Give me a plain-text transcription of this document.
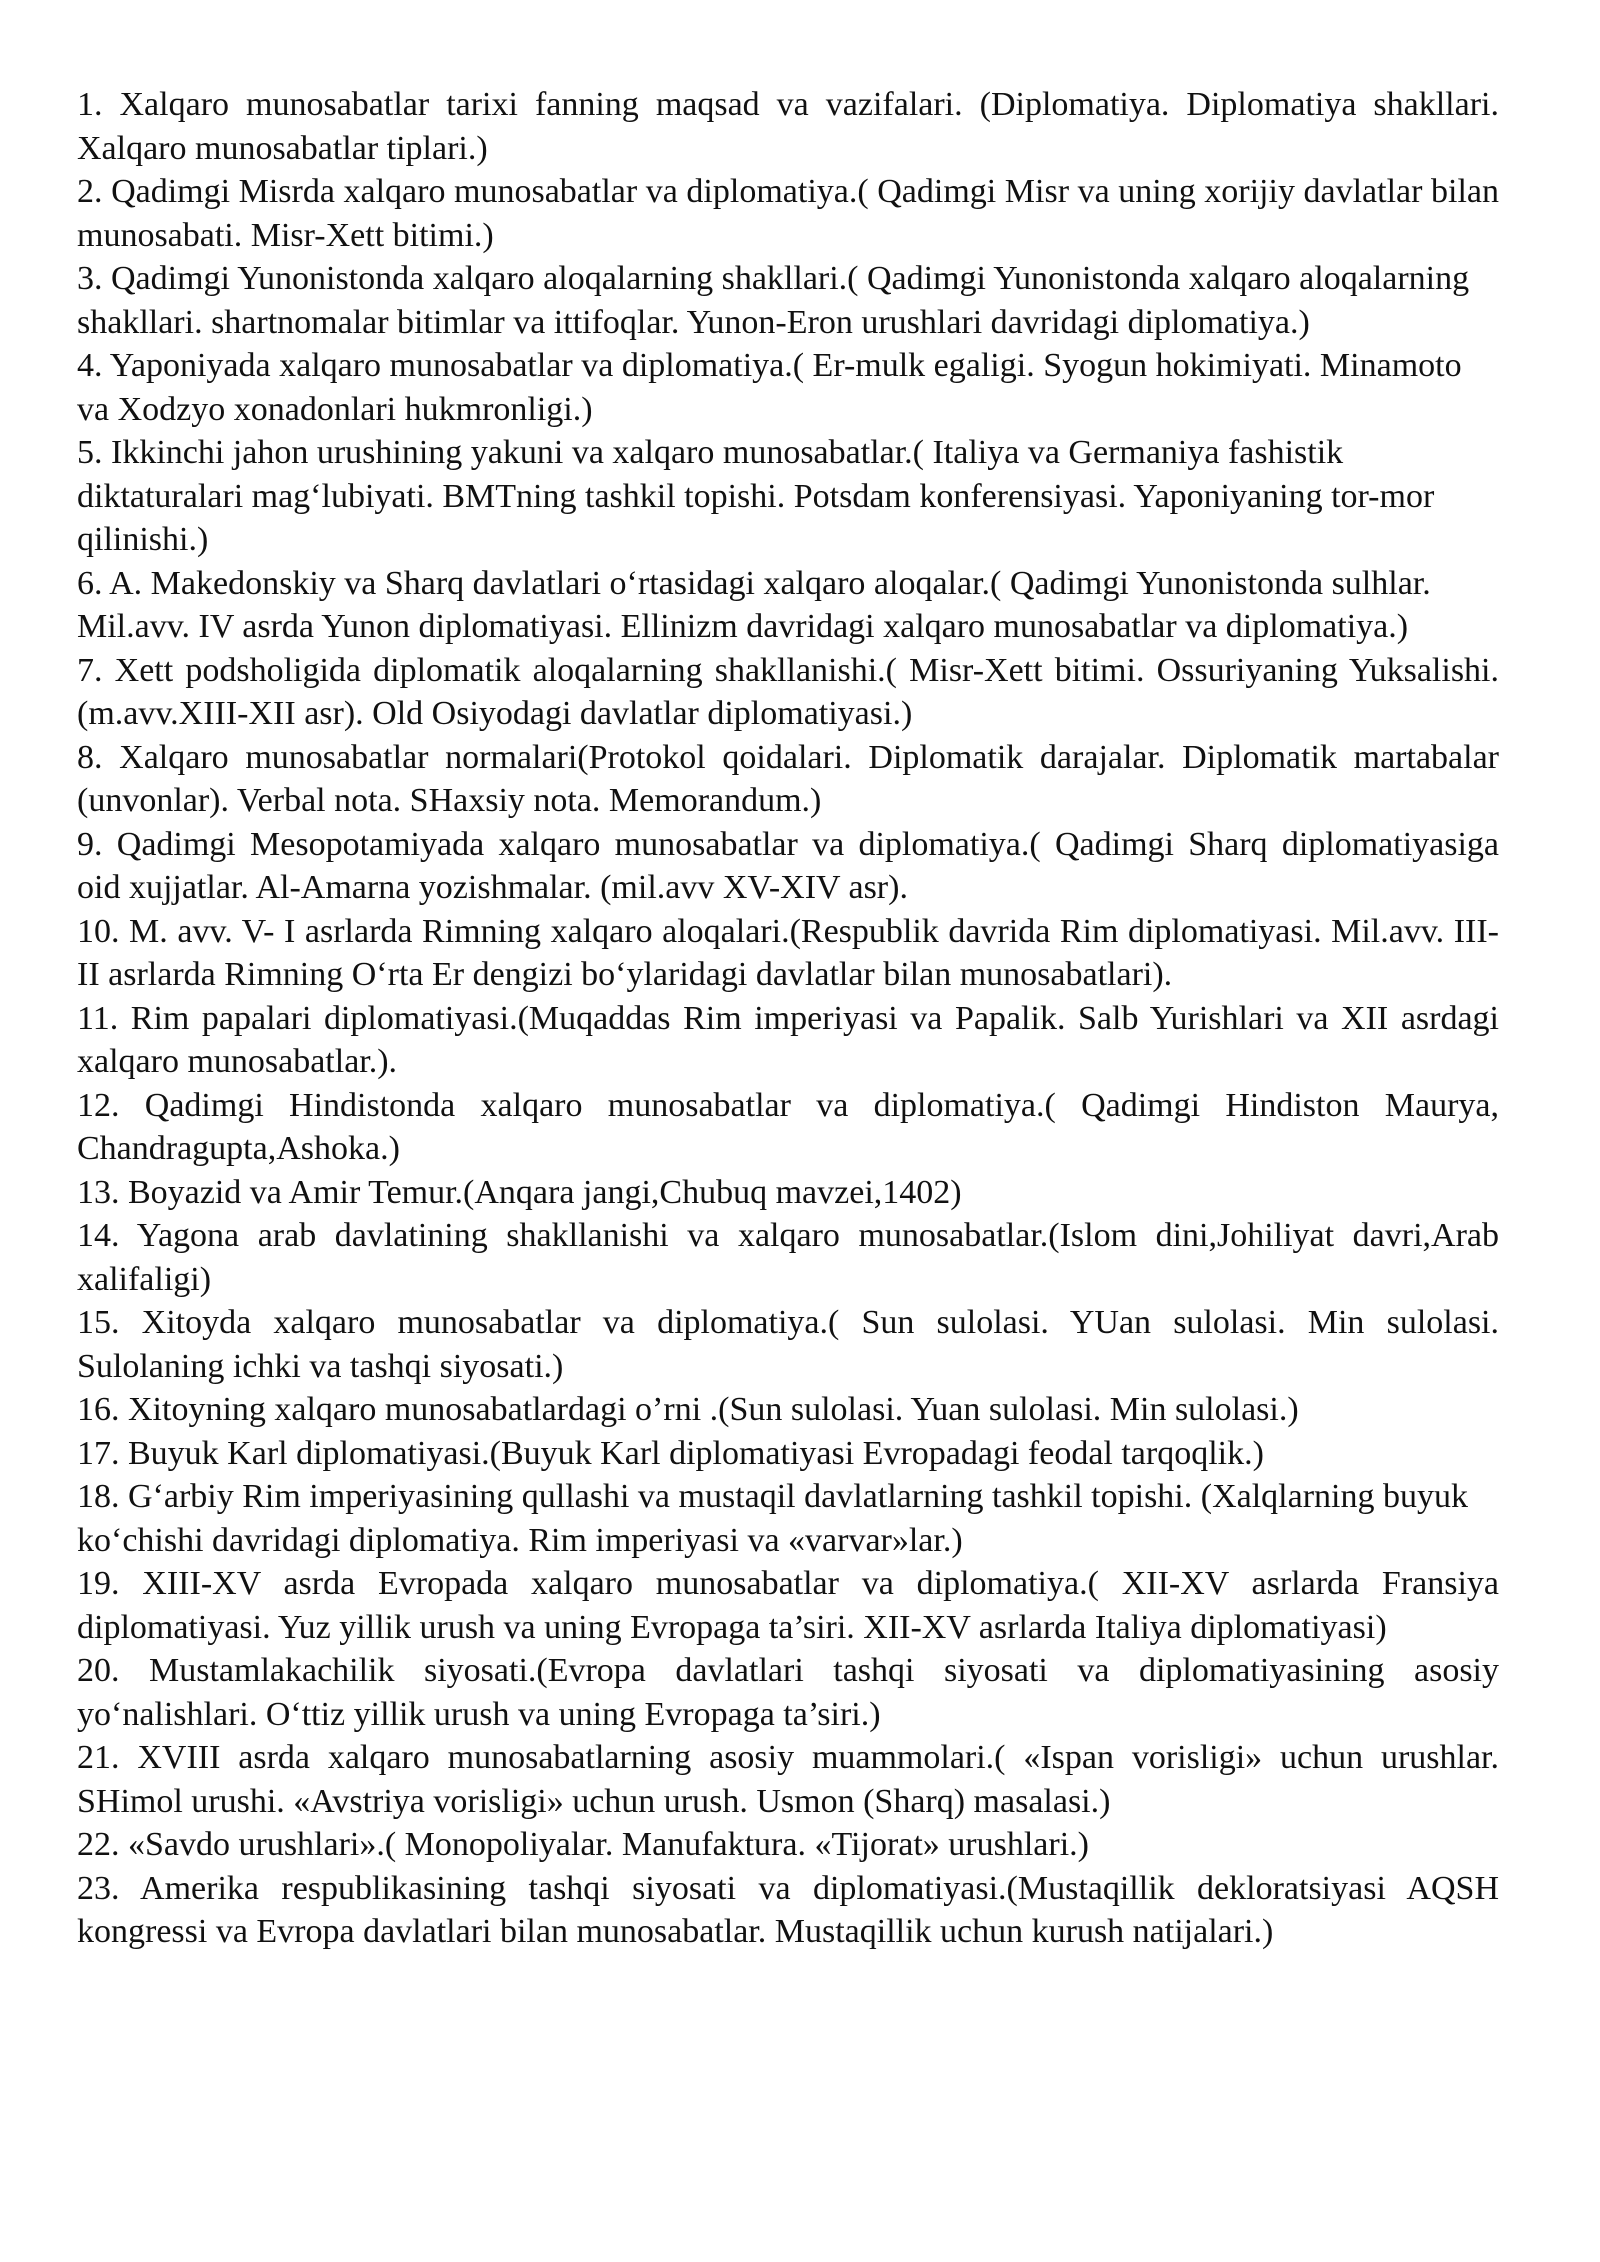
1. Xalqaro munosabatlar tarixi fanning maqsad va vazifalari. (Diplomatiya. Diplomatiya shakllari. Xalqaro munosabatlar tiplari.)

2. Qadimgi Misrda xalqaro munosabatlar va diplomatiya.( Qadimgi Misr va uning xorijiy davlatlar bilan munosabati. Misr-Xett bitimi.)

3. Qadimgi Yunonistonda xalqaro aloqalarning shakllari.( Qadimgi Yunonistonda xalqaro aloqalarning shakllari. shartnomalar bitimlar va ittifoqlar. Yunon-Eron urushlari davridagi diplomatiya.)

4. Yaponiyada xalqaro munosabatlar va diplomatiya.( Er-mulk egaligi. Syogun hokimiyati. Minamoto va Xodzyo xonadonlari hukmronligi.)

5. Ikkinchi jahon urushining yakuni va xalqaro munosabatlar.( Italiya va Germaniya fashistik diktaturalari mag‘lubiyati. BMTning tashkil topishi. Potsdam konferensiyasi. Yaponiyaning tor-mor qilinishi.)

6. A. Makedonskiy va Sharq davlatlari o‘rtasidagi xalqaro aloqalar.( Qadimgi Yunonistonda sulhlar. Mil.avv. IV asrda Yunon diplomatiyasi. Ellinizm davridagi xalqaro munosabatlar va diplomatiya.)

7. Xett podsholigida diplomatik aloqalarning shakllanishi.( Misr-Xett bitimi. Ossuriyaning Yuksalishi. (m.avv.XIII-XII asr). Old Osiyodagi davlatlar diplomatiyasi.)

8. Xalqaro munosabatlar normalari(Protokol qoidalari. Diplomatik darajalar. Diplomatik martabalar (unvonlar). Verbal nota. SHaxsiy nota. Memorandum.)

9. Qadimgi Mesopotamiyada xalqaro munosabatlar va diplomatiya.( Qadimgi Sharq diplomatiyasiga oid xujjatlar. Al-Amarna yozishmalar. (mil.avv XV-XIV asr).

10. M. avv. V- I asrlarda Rimning xalqaro aloqalari.(Respublik davrida Rim diplomatiyasi. Mil.avv. III-II asrlarda Rimning O‘rta Er dengizi bo‘ylaridagi davlatlar bilan munosabatlari).

11. Rim papalari diplomatiyasi.(Muqaddas Rim imperiyasi va Papalik. Salb Yurishlari va XII asrdagi xalqaro munosabatlar.).

12. Qadimgi Hindistonda xalqaro munosabatlar va diplomatiya.( Qadimgi Hindiston Maurya, Chandragupta,Ashoka.)

13. Boyazid va Amir Temur.(Anqara jangi,Chubuq mavzei,1402)

14. Yagona arab davlatining shakllanishi va xalqaro munosabatlar.(Islom dini,Johiliyat davri,Arab xalifaligi)

15. Xitoyda xalqaro munosabatlar va diplomatiya.( Sun sulolasi. YUan sulolasi. Min sulolasi. Sulolaning ichki va tashqi siyosati.)

16. Xitoyning xalqaro munosabatlardagi o’rni .(Sun sulolasi. Yuan sulolasi. Min sulolasi.)

17. Buyuk Karl diplomatiyasi.(Buyuk Karl diplomatiyasi Evropadagi feodal tarqoqlik.)

18. G‘arbiy Rim imperiyasining qullashi va mustaqil davlatlarning tashkil topishi. (Xalqlarning buyuk ko‘chishi davridagi diplomatiya. Rim imperiyasi va «varvar»lar.)

19. XIII-XV asrda Evropada xalqaro munosabatlar va diplomatiya.( XII-XV asrlarda Fransiya diplomatiyasi. Yuz yillik urush va uning Evropaga ta’siri. XII-XV asrlarda Italiya diplomatiyasi)

20. Mustamlakachilik siyosati.(Evropa davlatlari tashqi siyosati va diplomatiyasining asosiy yo‘nalishlari. O‘ttiz yillik urush va uning Evropaga ta’siri.)

21. XVIII asrda xalqaro munosabatlarning asosiy muammolari.( «Ispan vorisligi» uchun urushlar. SHimol urushi. «Avstriya vorisligi» uchun urush. Usmon (Sharq) masalasi.)

22. «Savdo urushlari».( Monopoliyalar. Manufaktura. «Tijorat» urushlari.)

23. Amerika respublikasining tashqi siyosati va diplomatiyasi.(Mustaqillik dekloratsiyasi AQSH kongressi va Evropa davlatlari bilan munosabatlar. Mustaqillik uchun kurush natijalari.)
